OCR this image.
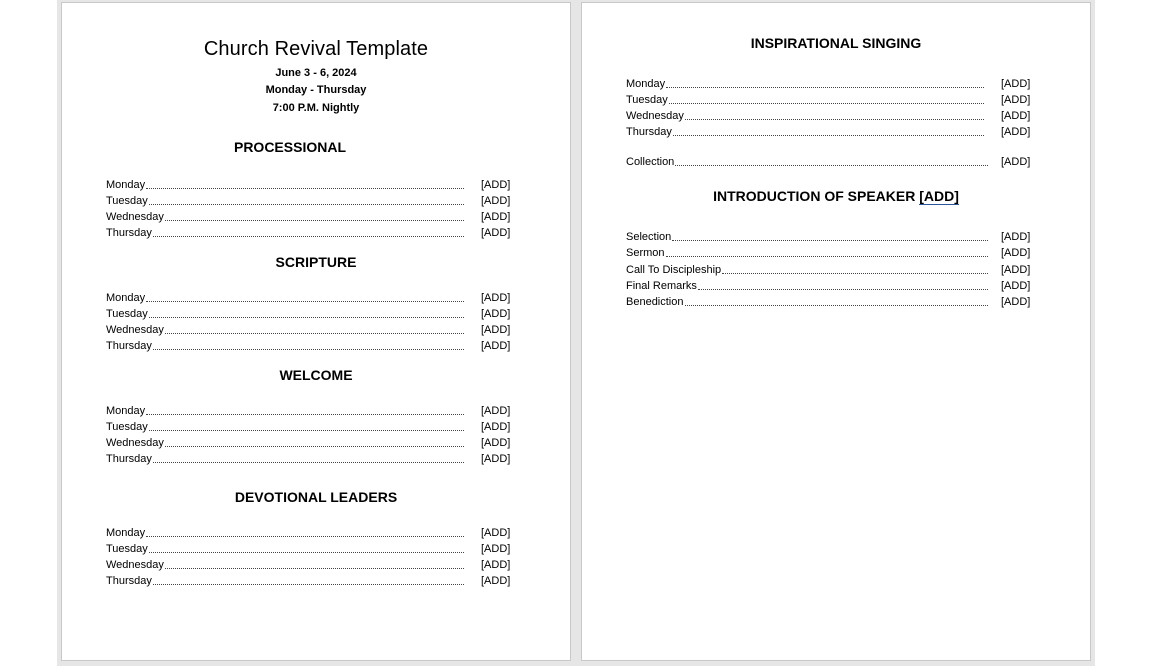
Church Revival Template
June 3 - 6, 2024
Monday - Thursday
7:00 P.M. Nightly
PROCESSIONAL
Monday	[ADD]
Tuesday	[ADD]
Wednesday	[ADD]
Thursday	[ADD]
SCRIPTURE
Monday	[ADD]
Tuesday	[ADD]
Wednesday	[ADD]
Thursday	[ADD]
WELCOME
Monday	[ADD]
Tuesday	[ADD]
Wednesday	[ADD]
Thursday	[ADD]
DEVOTIONAL LEADERS
Monday	[ADD]
Tuesday	[ADD]
Wednesday	[ADD]
Thursday	[ADD]
INSPIRATIONAL SINGING
Monday	[ADD]
Tuesday	[ADD]
Wednesday	[ADD]
Thursday	[ADD]
Collection	[ADD]
INTRODUCTION OF SPEAKER [ADD]
Selection	[ADD]
Sermon	[ADD]
Call To Discipleship	[ADD]
Final Remarks	[ADD]
Benediction	[ADD]
